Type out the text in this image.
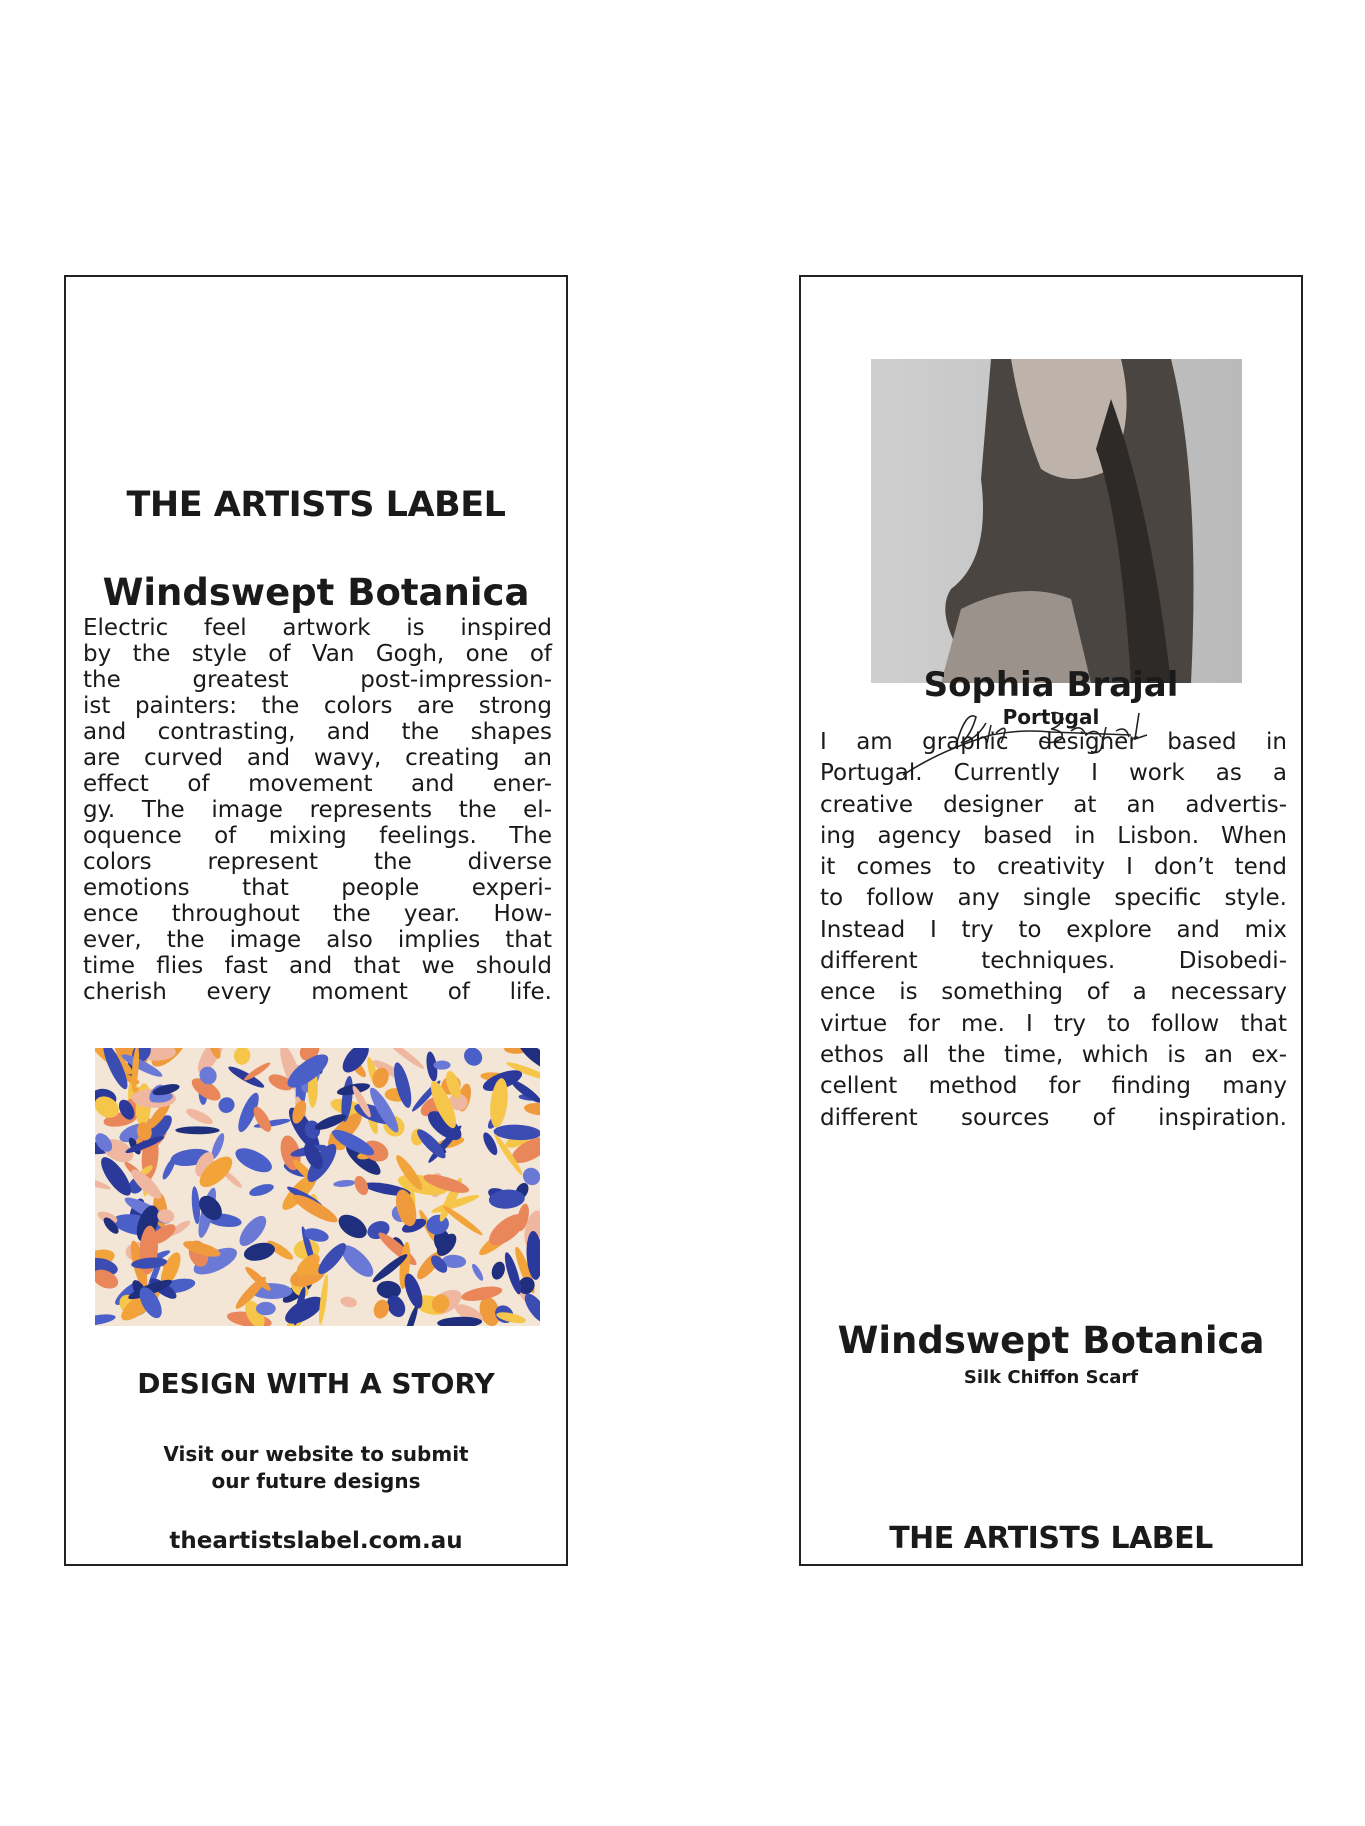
THE ARTISTS LABEL
Windswept Botanica
Electric feel artwork is inspired
by the style of Van Gogh, one of
the greatest post-impression-
ist painters: the colors are strong
and contrasting, and the shapes
are curved and wavy, creating an
effect of movement and ener-
gy. The image represents the el-
oquence of mixing feelings. The
colors represent the diverse
emotions that people experi-
ence throughout the year. How-
ever, the image also implies that
time flies fast and that we should
cherish every moment of life.
DESIGN WITH A STORY
Visit our website to submit
our future designs
theartistslabel.com.au
Sophia Brajal
Portugal
I am graphic designer based in
Portugal. Currently I work as a
creative designer at an advertis-
ing agency based in Lisbon. When
it comes to creativity I don’t tend
to follow any single specific style.
Instead I try to explore and mix
different techniques. Disobedi-
ence is something of a necessary
virtue for me. I try to follow that
ethos all the time, which is an ex-
cellent method for finding many
different sources of inspiration.
Windswept Botanica
Silk Chiffon Scarf
THE ARTISTS LABEL
